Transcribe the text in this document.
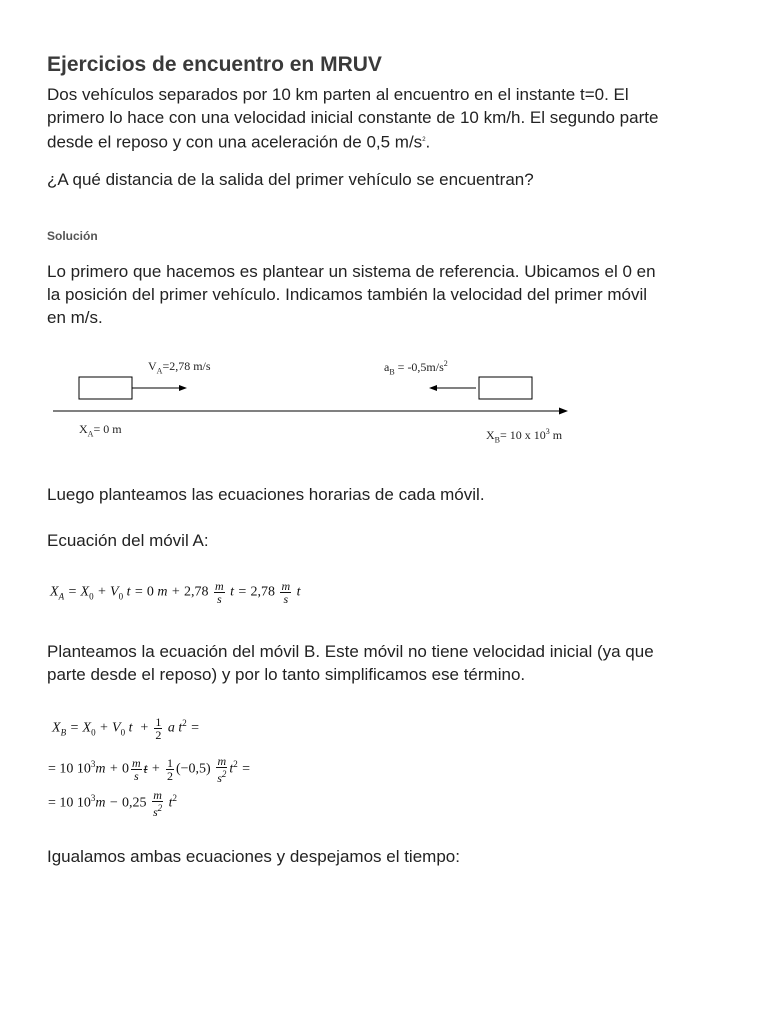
Ejercicios de encuentro en MRUV
Dos vehículos separados por 10 km parten al encuentro en el instante t=0. El
primero lo hace con una velocidad inicial constante de 10 km/h. El segundo parte
desde el reposo y con una aceleración de 0,5 $m/s^2$.
¿A qué distancia de la salida del primer vehículo se encuentran?
Solución
Lo primero que hacemos es plantear un sistema de referencia. Ubicamos el 0 en
la posición del primer vehículo. Indicamos también la velocidad del primer móvil
en m/s.
$V_A=2,78$ m/s	$a_B = -0,5m/s^2$
$X_A= 0$ m	$X_B= 10$ x $10^3$ m
Luego planteamos las ecuaciones horarias de cada móvil.
Ecuación del móvil A:
$X_A = X_0 + V_0$ t = 0 $m + 2,78 \frac{m}{s}$ $t = 2,78 \frac{m}{s}$ t
Planteamos la ecuación del móvil B. Este móvil no tiene velocidad inicial (ya que
parte desde el reposo) y por lo tanto simplificamos ese término.
$X_B = X_0 + V_0$ $t + \frac{1}{2}$ a $t^2$ =
= 10 $10^3m + 0 \frac{m}{s}$ $t + \frac{1}{2} (-0,5) \frac{m}{s^2} t^2$ =
= 10 $10^3m - 0,25 \frac{m}{s^2} t^2$
Igualamos ambas ecuaciones y despejamos el tiempo:
